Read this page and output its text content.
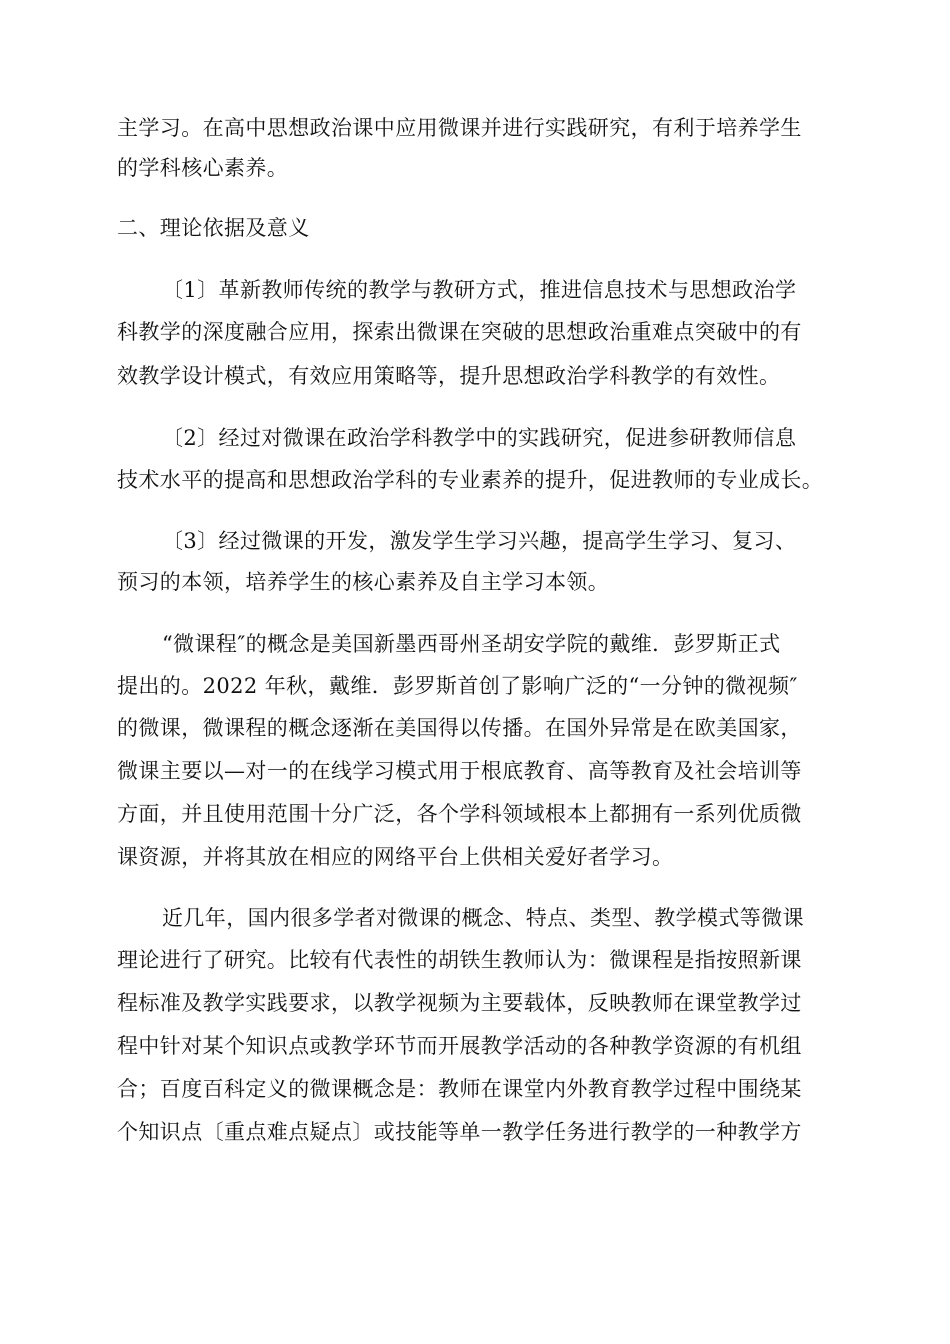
主学习。在高中思想政治课中应用微课并进行实践研究，有利于培养学生
的学科核心素养。
二、理论依据及意义
〔1〕革新教师传统的教学与教研方式，推进信息技术与思想政治学
科教学的深度融合应用，探索出微课在突破的思想政治重难点突破中的有
效教学设计模式，有效应用策略等，提升思想政治学科教学的有效性。
〔2〕经过对微课在政治学科教学中的实践研究，促进参研教师信息
技术水平的提高和思想政治学科的专业素养的提升，促进教师的专业成长。
〔3〕经过微课的开发，激发学生学习兴趣，提高学生学习、复习、
预习的本领，培养学生的核心素养及自主学习本领。
“微课程″的概念是美国新墨西哥州圣胡安学院的戴维．彭罗斯正式
提出的。2022 年秋，戴维．彭罗斯首创了影响广泛的“一分钟的微视频″
的微课，微课程的概念逐渐在美国得以传播。在国外异常是在欧美国家，
微课主要以—对一的在线学习模式用于根底教育、高等教育及社会培训等
方面，并且使用范围十分广泛，各个学科领域根本上都拥有一系列优质微
课资源，并将其放在相应的网络平台上供相关爱好者学习。
近几年，国内很多学者对微课的概念、特点、类型、教学模式等微课
理论进行了研究。比较有代表性的胡铁生教师认为：微课程是指按照新课
程标准及教学实践要求，以教学视频为主要载体，反映教师在课堂教学过
程中针对某个知识点或教学环节而开展教学活动的各种教学资源的有机组
合；百度百科定义的微课概念是：教师在课堂内外教育教学过程中围绕某
个知识点〔重点难点疑点〕或技能等单一教学任务进行教学的一种教学方
